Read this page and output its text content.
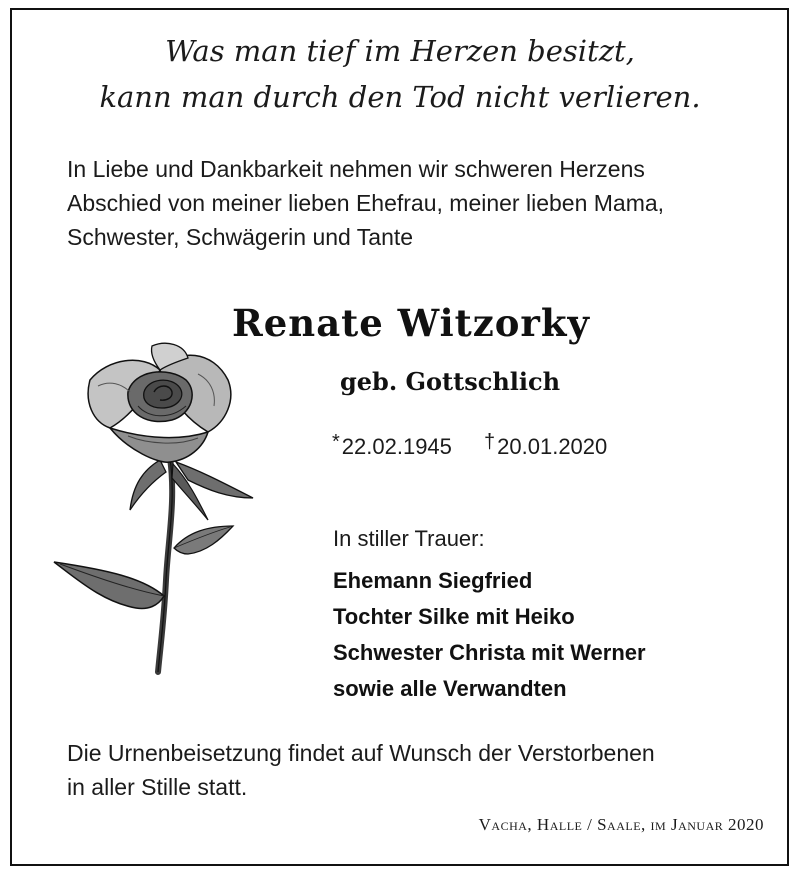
Was man tief im Herzen besitzt,
kann man durch den Tod nicht verlieren.
In Liebe und Dankbarkeit nehmen wir schweren Herzens
Abschied von meiner lieben Ehefrau, meiner lieben Mama,
Schwester, Schwägerin und Tante
Renate Witzorky
geb. Gottschlich
*22.02.1945 †20.01.2020
In stiller Trauer:
Ehemann Siegfried
Tochter Silke mit Heiko
Schwester Christa mit Werner
sowie alle Verwandten
Die Urnenbeisetzung findet auf Wunsch der Verstorbenen
in aller Stille statt.
Vacha, Halle / Saale, im Januar 2020
